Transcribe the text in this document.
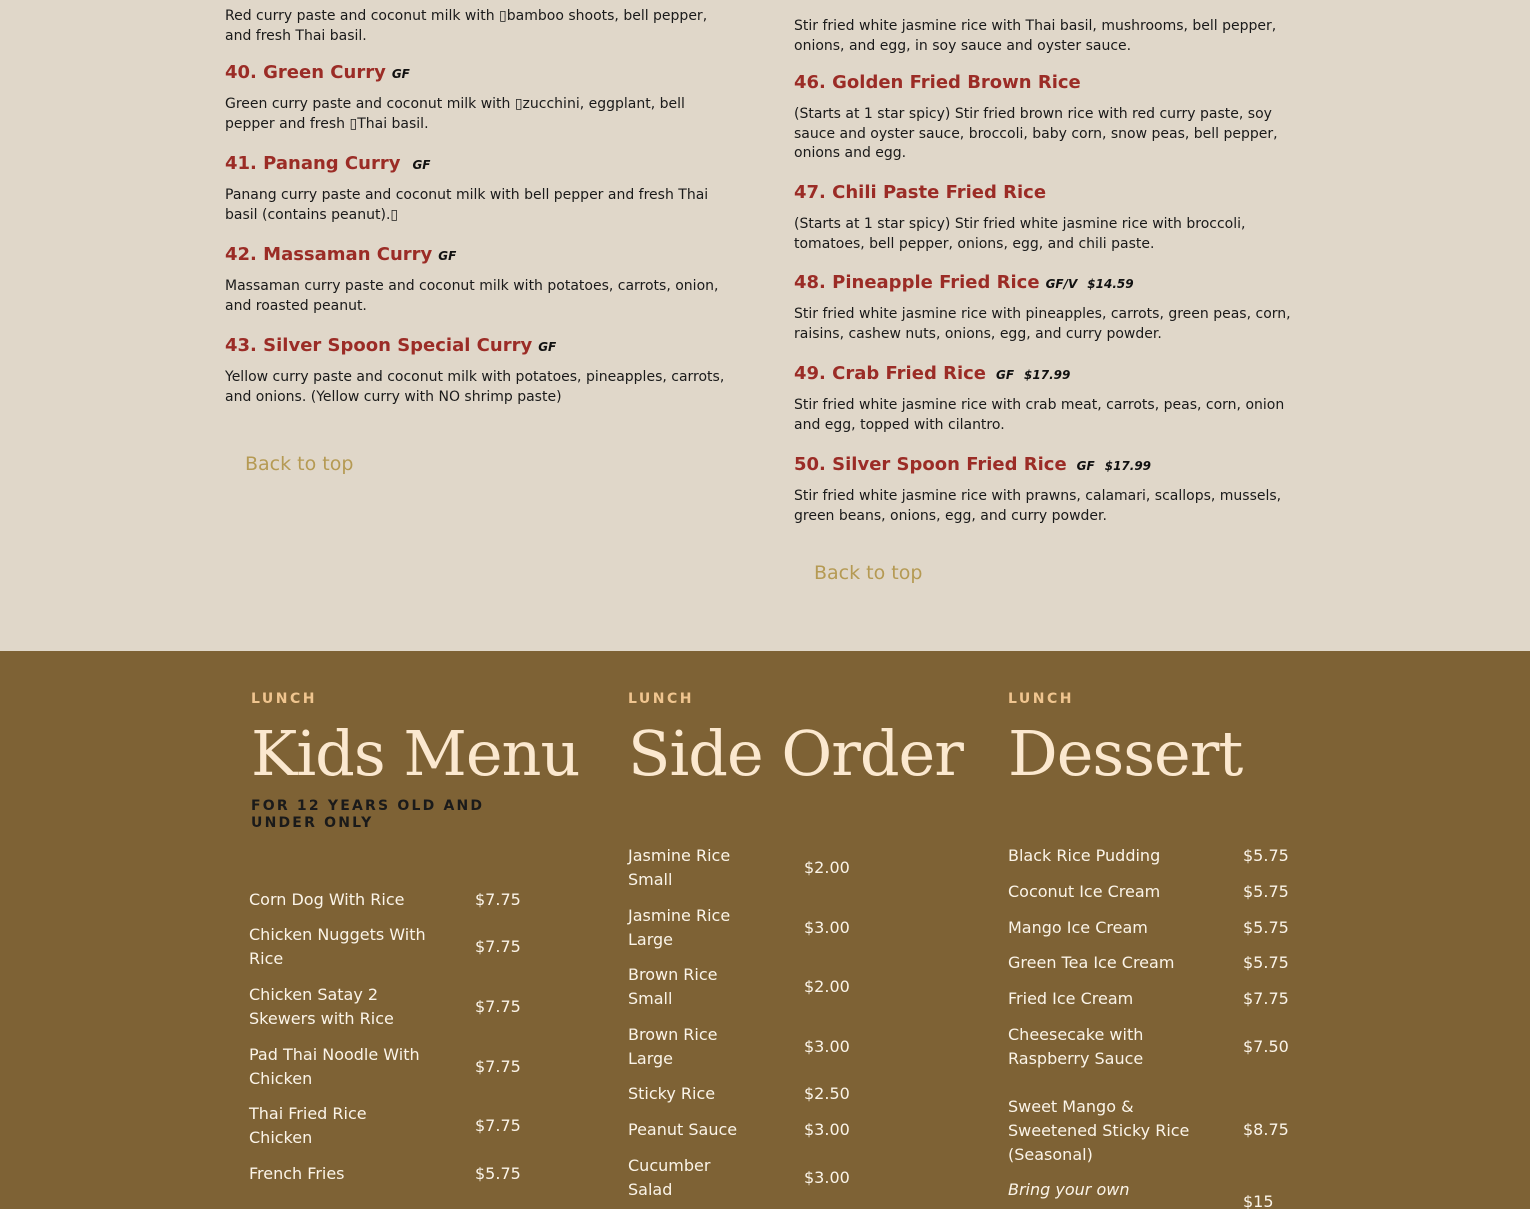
Red curry paste and coconut milk with ▯bamboo shoots, bell pepper, and fresh Thai basil.
40. Green Curry GF
Green curry paste and coconut milk with ▯zucchini, eggplant, bell pepper and fresh ▯Thai basil.
41. Panang Curry GF
Panang curry paste and coconut milk with bell pepper and fresh Thai basil (contains peanut).▯
42. Massaman Curry GF
Massaman curry paste and coconut milk with potatoes, carrots, onion, and roasted peanut.
43. Silver Spoon Special Curry GF
Yellow curry paste and coconut milk with potatoes, pineapples, carrots, and onions. (Yellow curry with NO shrimp paste)
Back to top
Stir fried white jasmine rice with Thai basil, mushrooms, bell pepper, onions, and egg, in soy sauce and oyster sauce.
46. Golden Fried Brown Rice
(Starts at 1 star spicy) Stir fried brown rice with red curry paste, soy sauce and oyster sauce, broccoli, baby corn, snow peas, bell pepper, onions and egg.
47. Chili Paste Fried Rice
(Starts at 1 star spicy) Stir fried white jasmine rice with broccoli, tomatoes, bell pepper, onions, egg, and chili paste.
48. Pineapple Fried Rice GF/V $14.59
Stir fried white jasmine rice with pineapples, carrots, green peas, corn, raisins, cashew nuts, onions, egg, and curry powder.
49. Crab Fried Rice GF $17.99
Stir fried white jasmine rice with crab meat, carrots, peas, corn, onion and egg, topped with cilantro.
50. Silver Spoon Fried Rice GF $17.99
Stir fried white jasmine rice with prawns, calamari, scallops, mussels, green beans, onions, egg, and curry powder.
Back to top
LUNCH
Kids Menu
FOR 12 YEARS OLD AND UNDER ONLY
Corn Dog With Rice	$7.75
Chicken Nuggets With Rice
$7.75
Chicken Satay 2 Skewers with Rice
$7.75
Pad Thai Noodle With Chicken
$7.75
Thai Fried Rice Chicken
$7.75
French Fries	$5.75
LUNCH
Side Order
Jasmine Rice Small
$2.00
Jasmine Rice Large
$3.00
Brown Rice Small
$2.00
Brown Rice Large
$3.00
Sticky Rice	$2.50
Peanut Sauce	$3.00
Cucumber Salad
$3.00
LUNCH
Dessert
Black Rice Pudding	$5.75
Coconut Ice Cream	$5.75
Mango Ice Cream	$5.75
Green Tea Ice Cream	$5.75
Fried Ice Cream	$7.75
Cheesecake with Raspberry Sauce
$7.50
Sweet Mango & Sweetened Sticky Rice (Seasonal)
$8.75
Bring your own
$15
